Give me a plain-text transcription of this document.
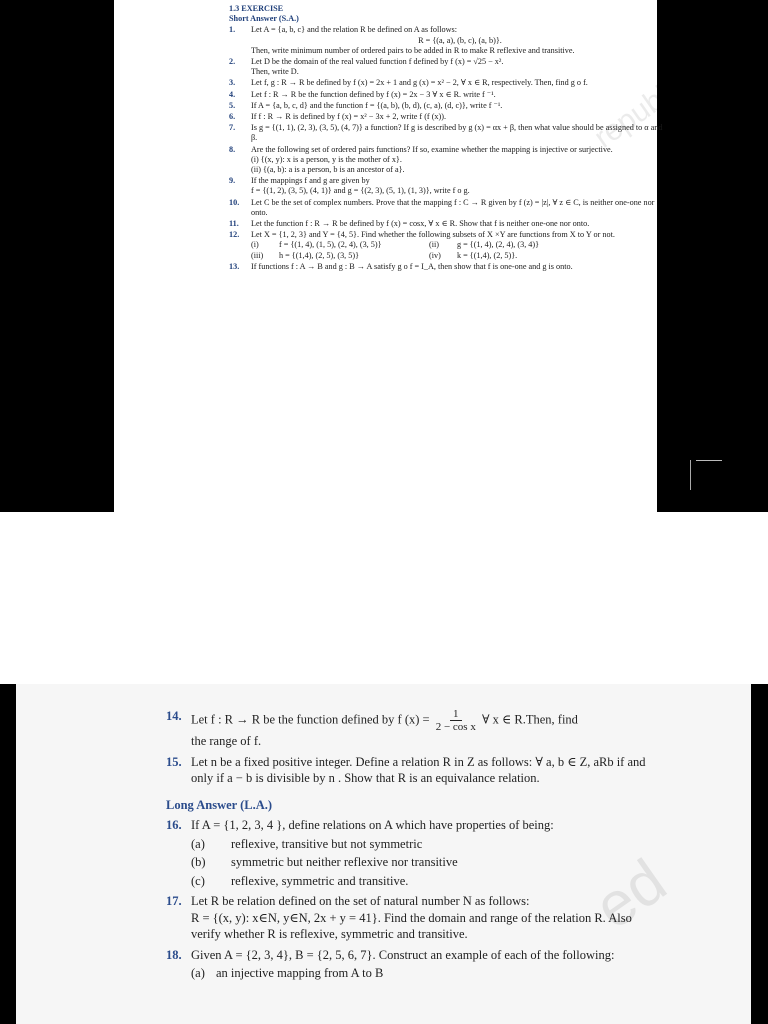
republished
1.3 EXERCISE
Short Answer (S.A.)
1.	Let A = {a, b, c} and the relation R be defined on A as follows:
R = {(a, a), (b, c), (a, b)}.
Then, write minimum number of ordered pairs to be added in R to make R reflexive and transitive.
2.	Let D be the domain of the real valued function f defined by f (x) = √25 − x².
Then, write D.
3.	Let f, g : R → R be defined by f (x) = 2x + 1 and g (x) = x² − 2, ∀ x ∈ R, respectively. Then, find g o f.
4.	Let f : R → R be the function defined by f (x) = 2x − 3 ∀ x ∈ R. write f ⁻¹.
5.	If A = {a, b, c, d} and the function f = {(a, b), (b, d), (c, a), (d, c)}, write f ⁻¹.
6.	If f : R → R is defined by f (x) = x² − 3x + 2, write f (f (x)).
7.	Is g = {(1, 1), (2, 3), (3, 5), (4, 7)} a function? If g is described by g (x) = αx + β, then what value should be assigned to α and β.
8.	Are the following set of ordered pairs functions? If so, examine whether the mapping is injective or surjective.
(i) {(x, y): x is a person, y is the mother of x}.
(ii) {(a, b): a is a person, b is an ancestor of a}.
9.	If the mappings f and g are given by
f = {(1, 2), (3, 5), (4, 1)} and g = {(2, 3), (5, 1), (1, 3)}, write f o g.
10.	Let C be the set of complex numbers. Prove that the mapping f : C → R given by f (z) = |z|, ∀ z ∈ C, is neither one-one nor onto.
11.	Let the function f : R → R be defined by f (x) = cosx, ∀ x ∈ R. Show that f is neither one-one nor onto.
12.	Let X = {1, 2, 3} and Y = {4, 5}. Find whether the following subsets of X ×Y are functions from X to Y or not.
(i)	f = {(1, 4), (1, 5), (2, 4), (3, 5)}	(ii)	g = {(1, 4), (2, 4), (3, 4)}
(iii)	h = {(1,4), (2, 5), (3, 5)}	(iv)	k = {(1,4), (2, 5)}.
13.	If functions f : A → B and g : B → A satisfy g o f = I_A, then show that f is one-one and g is onto.
ed
14. Let f : R → R be the function defined by f $(x) = \frac{1}{\text{2 − cos x}}$ ∀ x ∈ R.Then, find
the range of f.
15. Let n be a fixed positive integer. Define a relation R in Z as follows: ∀ a, b ∈ Z, aRb if and only if a − b is divisible by n . Show that R is an equivalance relation.
Long Answer (L.A.)
16. If A = {1, 2, 3, 4 }, define relations on A which have properties of being:
(a)	reflexive, transitive but not symmetric
(b)	symmetric but neither reflexive nor transitive
(c)	reflexive, symmetric and transitive.
17. Let R be relation defined on the set of natural number N as follows:
R = {(x, y): x∈N, y∈N, 2x + y = 41}. Find the domain and range of the relation R. Also verify whether R is reflexive, symmetric and transitive.
18. Given A = {2, 3, 4}, B = {2, 5, 6, 7}. Construct an example of each of the following:
(a) an injective mapping from A to B
